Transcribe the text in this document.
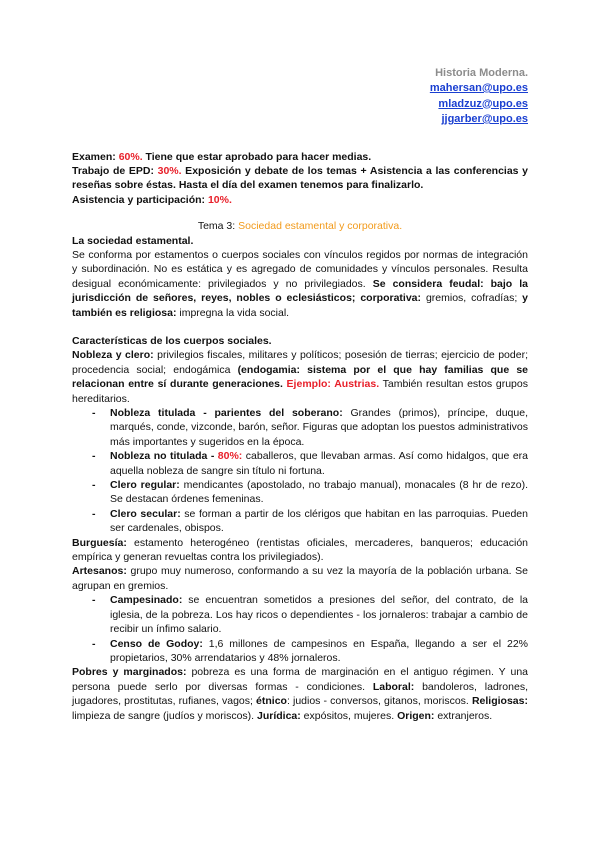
Historia Moderna.
mahersan@upo.es
mladzuz@upo.es
jjgarber@upo.es

Examen: 60%. Tiene que estar aprobado para hacer medias.

Trabajo de EPD: 30%. Exposición y debate de los temas + Asistencia a las conferencias y reseñas sobre éstas. Hasta el día del examen tenemos para finalizarlo.

Asistencia y participación: 10%.

Tema 3: Sociedad estamental y corporativa.

La sociedad estamental.

Se conforma por estamentos o cuerpos sociales con vínculos regidos por normas de integración y subordinación. No es estática y es agregado de comunidades y vínculos personales. Resulta desigual económicamente: privilegiados y no privilegiados. Se considera feudal: bajo la jurisdicción de señores, reyes, nobles o eclesiásticos; corporativa: gremios, cofradías; y también es religiosa: impregna la vida social.

Características de los cuerpos sociales.

Nobleza y clero: privilegios fiscales, militares y políticos; posesión de tierras; ejercicio de poder; procedencia social; endogámica (endogamia: sistema por el que hay familias que se relacionan entre sí durante generaciones. Ejemplo: Austrias. También resultan estos grupos hereditarios.

- Nobleza titulada - parientes del soberano: Grandes (primos), príncipe, duque, marqués, conde, vizconde, barón, señor. Figuras que adoptan los puestos administrativos más importantes y sugeridos en la época.
- Nobleza no titulada - 80%: caballeros, que llevaban armas. Así como hidalgos, que era aquella nobleza de sangre sin título ni fortuna.
- Clero regular: mendicantes (apostolado, no trabajo manual), monacales (8 hr de rezo). Se destacan órdenes femeninas.
- Clero secular: se forman a partir de los clérigos que habitan en las parroquias. Pueden ser cardenales, obispos.

Burguesía: estamento heterogéneo (rentistas oficiales, mercaderes, banqueros; educación empírica y generan revueltas contra los privilegiados).

Artesanos: grupo muy numeroso, conformando a su vez la mayoría de la población urbana. Se agrupan en gremios.

- Campesinado: se encuentran sometidos a presiones del señor, del contrato, de la iglesia, de la pobreza. Los hay ricos o dependientes - los jornaleros: trabajar a cambio de recibir un ínfimo salario.
- Censo de Godoy: 1,6 millones de campesinos en España, llegando a ser el 22% propietarios, 30% arrendatarios y 48% jornaleros.

Pobres y marginados: pobreza es una forma de marginación en el antiguo régimen. Y una persona puede serlo por diversas formas - condiciones. Laboral: bandoleros, ladrones, jugadores, prostitutas, rufianes, vagos; étnico: judios - conversos, gitanos, moriscos. Religiosas: limpieza de sangre (judíos y moriscos). Jurídica: expósitos, mujeres. Origen: extranjeros.
